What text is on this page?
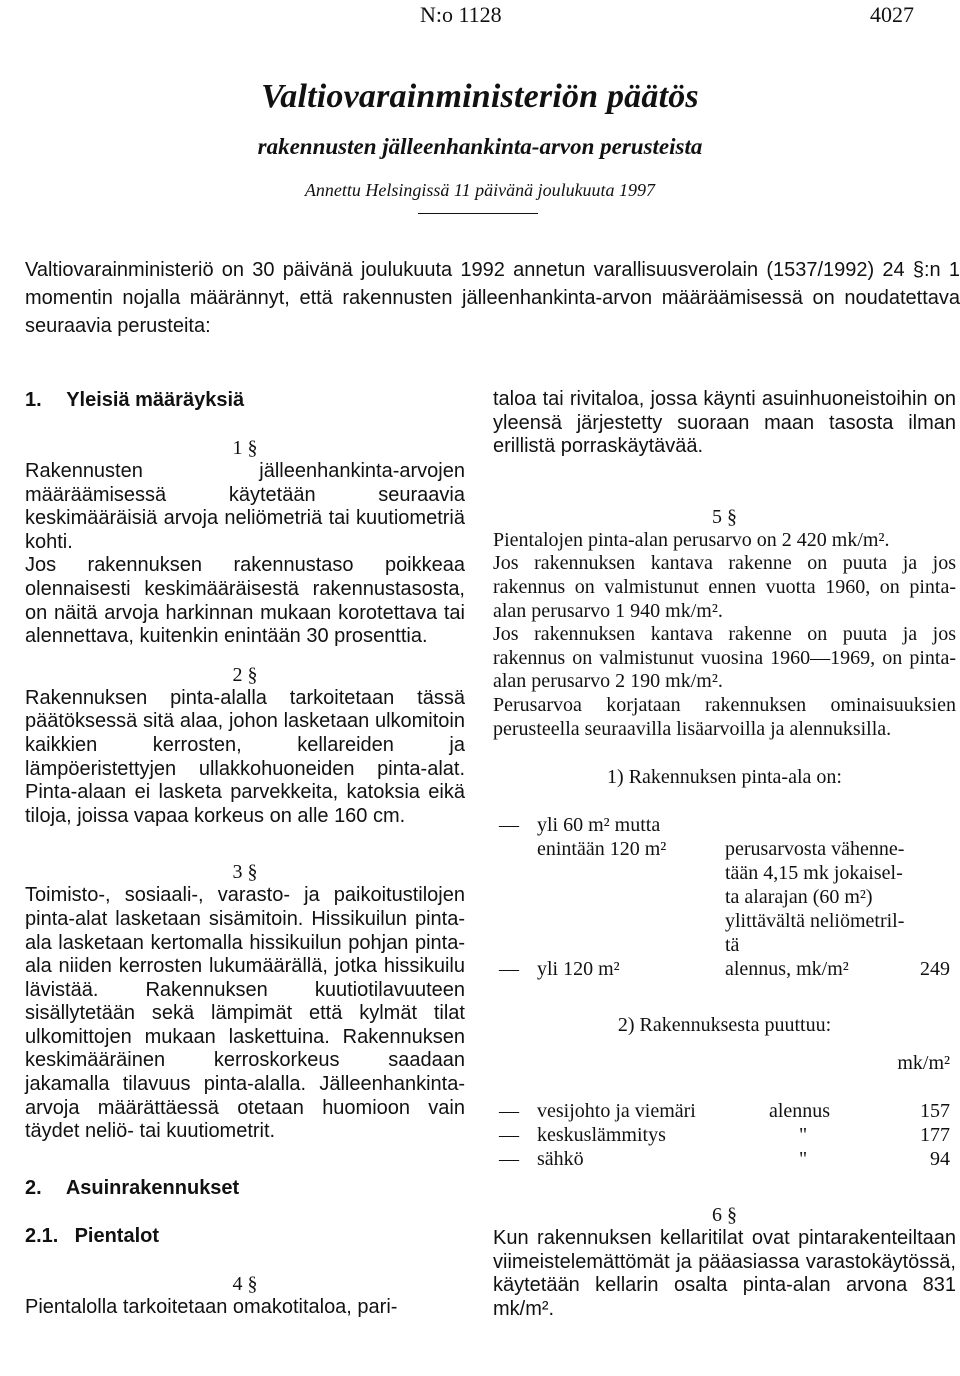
N:o 1128	4027
Valtiovarainministeriön päätös
rakennusten jälleenhankinta-arvon perusteista
Annettu Helsingissä 11 päivänä joulukuuta 1997
Valtiovarainministeriö on 30 päivänä joulukuuta 1992 annetun varallisuusverolain (1537/1992) 24 §:n 1 momentin nojalla määrännyt, että rakennusten jälleenhankinta-arvon määräämisessä on noudatettava seuraavia perusteita:
1. Yleisiä määräyksiä
1 §
Rakennusten jälleenhankinta-arvojen määräämisessä käytetään seuraavia keskimääräisiä arvoja neliömetriä tai kuutiometriä kohti.
Jos rakennuksen rakennustaso poikkeaa olennaisesti keskimääräisestä rakennustasosta, on näitä arvoja harkinnan mukaan korotettava tai alennettava, kuitenkin enintään 30 prosenttia.
2 §
Rakennuksen pinta-alalla tarkoitetaan tässä päätöksessä sitä alaa, johon lasketaan ulkomitoin kaikkien kerrosten, kellareiden ja lämpöeristettyjen ullakkohuoneiden pinta-alat. Pinta-alaan ei lasketa parvekkeita, katoksia eikä tiloja, joissa vapaa korkeus on alle 160 cm.
3 §
Toimisto-, sosiaali-, varasto- ja paikoitustilojen pinta-alat lasketaan sisämitoin. Hissikuilun pinta-ala lasketaan kertomalla hissikuilun pohjan pinta-ala niiden kerrosten lukumäärällä, jotka hissikuilu lävistää. Rakennuksen kuutiotilavuuteen sisällytetään sekä lämpimät että kylmät tilat ulkomittojen mukaan laskettuina. Rakennuksen keskimääräinen kerroskorkeus saadaan jakamalla tilavuus pinta-alalla. Jälleenhankinta-arvoja määrättäessä otetaan huomioon vain täydet neliö- tai kuutiometrit.
2. Asuinrakennukset
2.1. Pientalot
4 §
Pientalolla tarkoitetaan omakotitaloa, pari-
taloa tai rivitaloa, jossa käynti asuinhuoneistoihin on yleensä järjestetty suoraan maan tasosta ilman erillistä porraskäytävää.
5 §
Pientalojen pinta-alan perusarvo on 2 420 mk/m².
Jos rakennuksen kantava rakenne on puuta ja jos rakennus on valmistunut ennen vuotta 1960, on pinta-alan perusarvo 1 940 mk/m².
Jos rakennuksen kantava rakenne on puuta ja jos rakennus on valmistunut vuosina 1960—1969, on pinta-alan perusarvo 2 190 mk/m².
Perusarvoa korjataan rakennuksen ominaisuuksien perusteella seuraavilla lisäarvoilla ja alennuksilla.
1) Rakennuksen pinta-ala on:
— yli 60 m² mutta
enintään 120 m²	perusarvosta vähenne-
tään 4,15 mk jokaisel-
ta alarajan (60 m²)
ylittävältä neliömetril-
tä
— yli 120 m²	alennus, mk/m²	249
2) Rakennuksesta puuttuu:
mk/m²
— vesijohto ja viemäri	alennus	157
— keskuslämmitys	"	177
— sähkö	"	94
6 §
Kun rakennuksen kellaritilat ovat pintarakenteiltaan viimeistelemättömät ja pääasiassa varastokäytössä, käytetään kellarin osalta pinta-alan arvona 831 mk/m².
